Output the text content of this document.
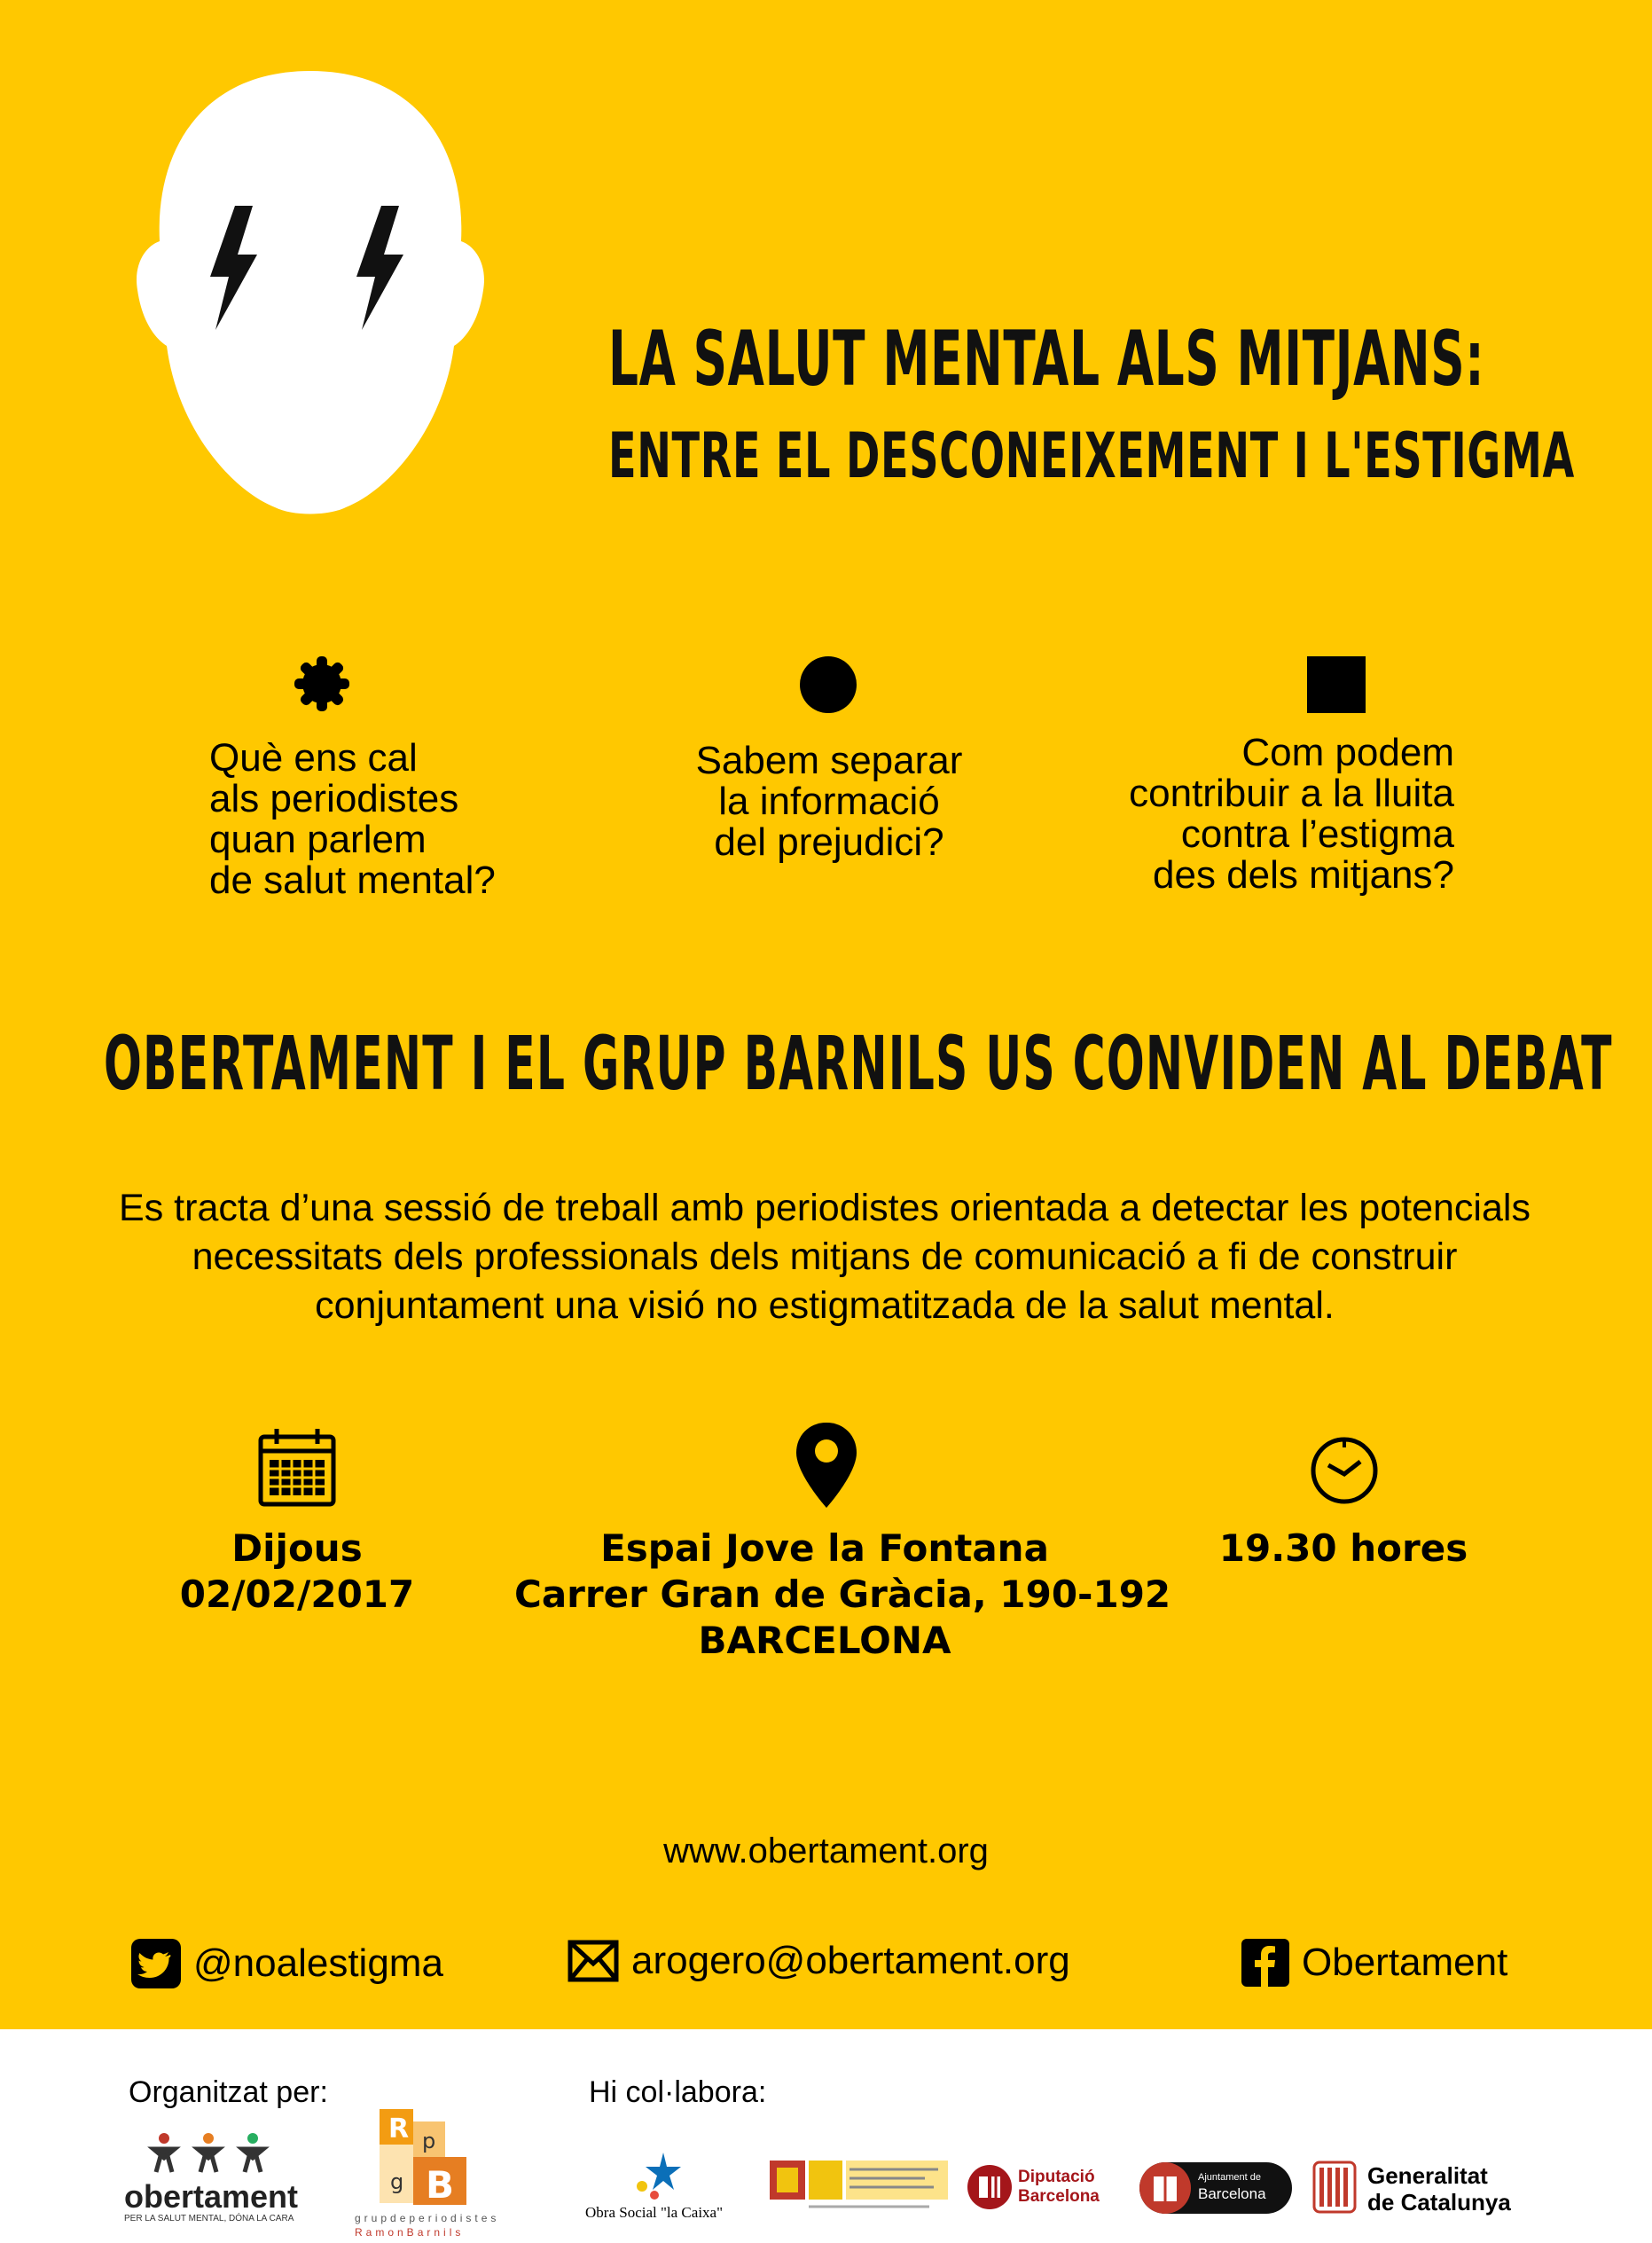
LA SALUT MENTAL ALS MITJANS:
ENTRE EL DESCONEIXEMENT I L'ESTIGMA
Què ens cal
als periodistes
quan parlem
de salut mental?
Sabem separar
la informació
del prejudici?
Com podem
contribuir a la lluita
contra l’estigma
des dels mitjans?
OBERTAMENT I EL GRUP BARNILS US CONVIDEN AL DEBAT
Es tracta d’una sessió de treball amb periodistes orientada a detectar les potencials necessitats dels professionals dels mitjans de comunicació a fi de construir conjuntament una visió no estigmatitzada de la salut mental.
Dijous
02/02/2017
Espai Jove la Fontana
Carrer Gran de Gràcia, 190-192
BARCELONA
19.30 hores
www.obertament.org
@noalestigma	arogero@obertament.org	Obertament
Organitzat per:	Hi col·labora:
obertament
PER LA SALUT MENTAL, DÓNA LA CARA
R p
g B
grupdeperiodistes
RamonBarnils
Obra Social "la Caixa"
Diputació
Barcelona
Ajuntament de
Barcelona
Generalitat
de Catalunya
